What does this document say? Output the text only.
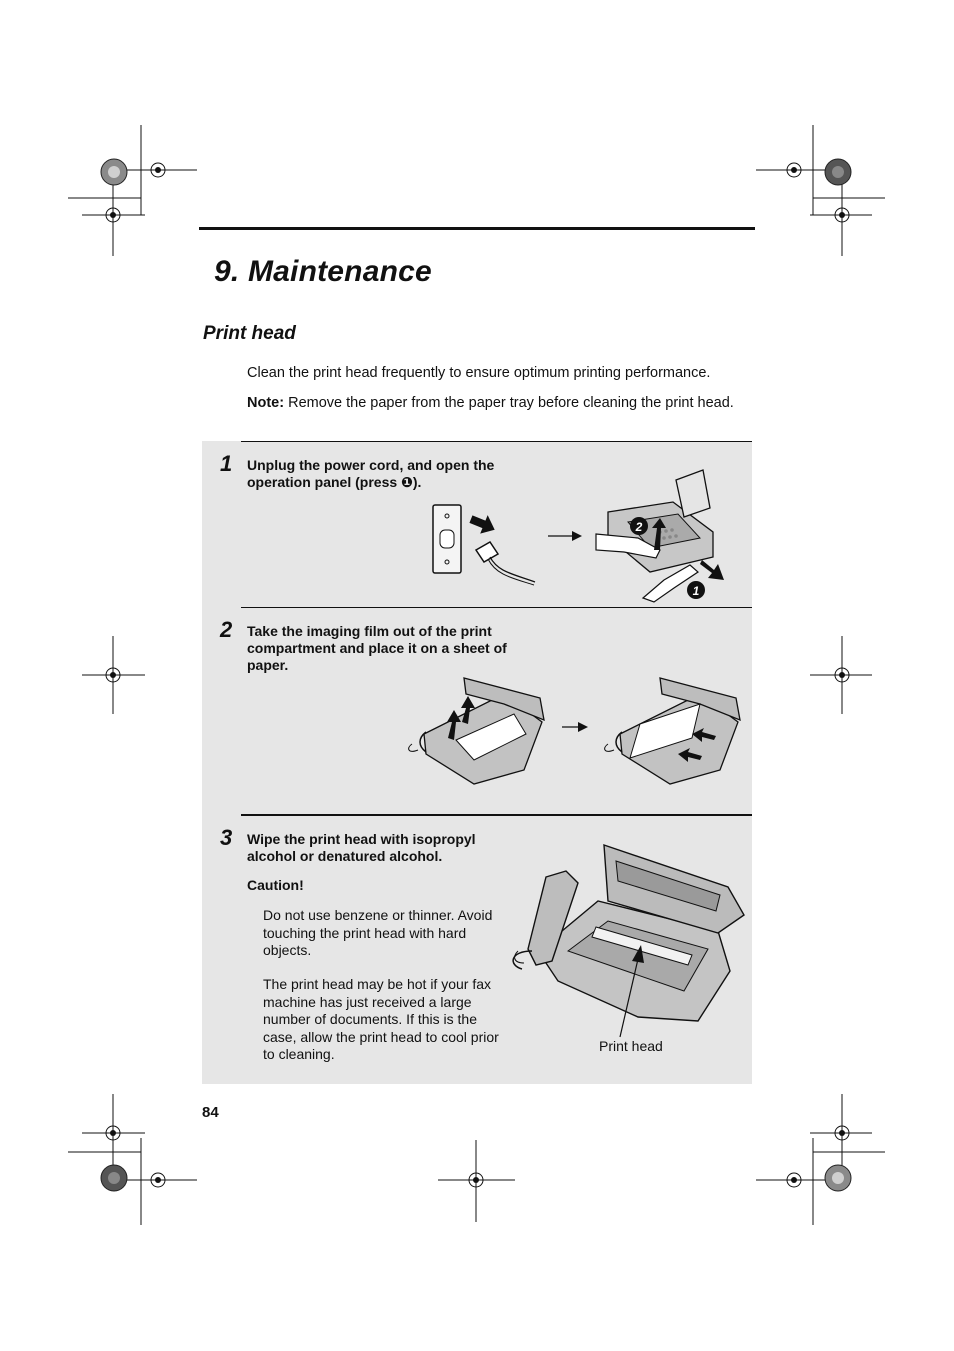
9. Maintenance
Print head
Clean the print head frequently to ensure optimum printing performance.
Note: Remove the paper from the paper tray before cleaning the print head.
1 Unplug the power cord, and open the operation panel (press ❶).
2 Take the imaging film out of the print compartment and place it on a sheet of paper.
3 Wipe the print head with isopropyl alcohol or denatured alcohol.
Caution!
Do not use benzene or thinner. Avoid touching the print head with hard objects.
The print head may be hot if your fax machine has just received a large number of documents. If this is the case, allow the print head to cool prior to cleaning.
2
1
Print head
84
